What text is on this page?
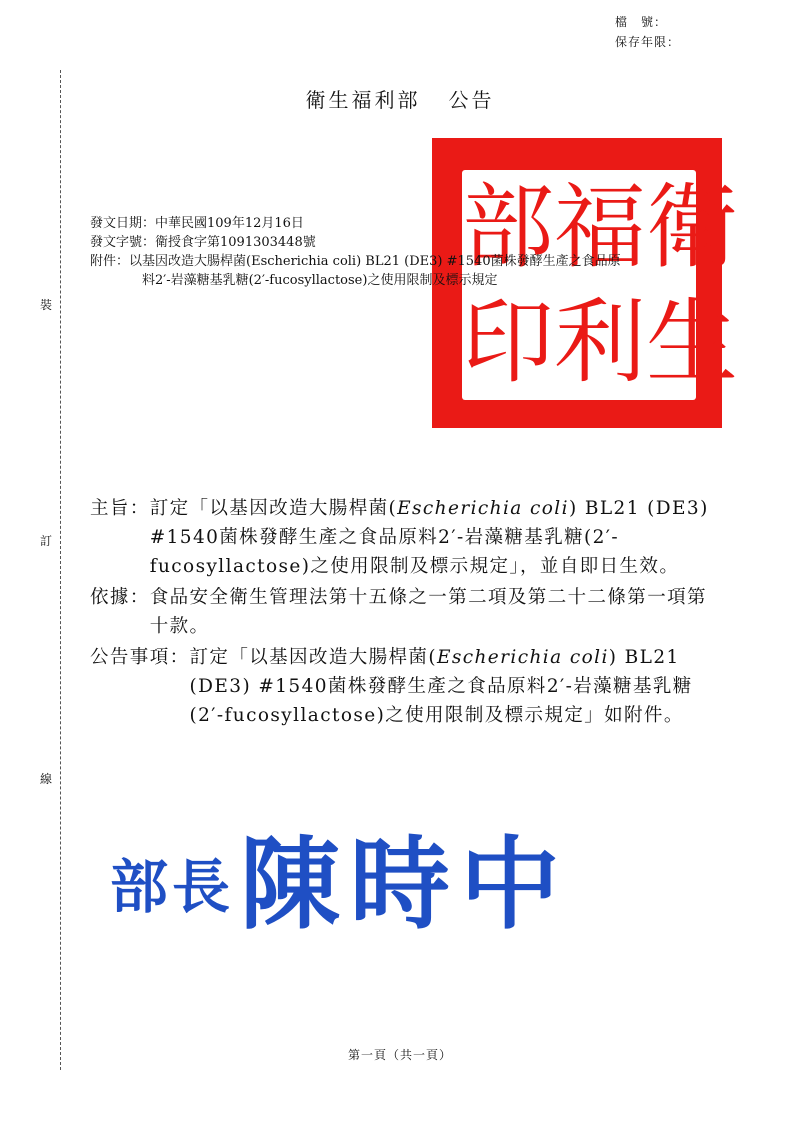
檔　號：
保存年限：
裝
訂
線
衛生福利部 公告
衛
福
部
生
利
印
發文日期：中華民國109年12月16日
發文字號：衛授食字第1091303448號
附件：以基因改造大腸桿菌(Escherichia coli) BL21 (DE3) #1540菌株發酵生產之食品原
料2′-岩藻糖基乳糖(2′-fucosyllactose)之使用限制及標示規定
主旨： 訂定「以基因改造大腸桿菌(Escherichia coli) BL21 (DE3) #1540菌株發酵生產之食品原料2′-岩藻糖基乳糖(2′-fucosyllactose)之使用限制及標示規定」，並自即日生效。
依據： 食品安全衛生管理法第十五條之一第二項及第二十二條第一項第十款。
公告事項： 訂定「以基因改造大腸桿菌(Escherichia coli) BL21 (DE3) #1540菌株發酵生產之食品原料2′-岩藻糖基乳糖(2′-fucosyllactose)之使用限制及標示規定」如附件。
部長陳時中
第一頁（共一頁）
